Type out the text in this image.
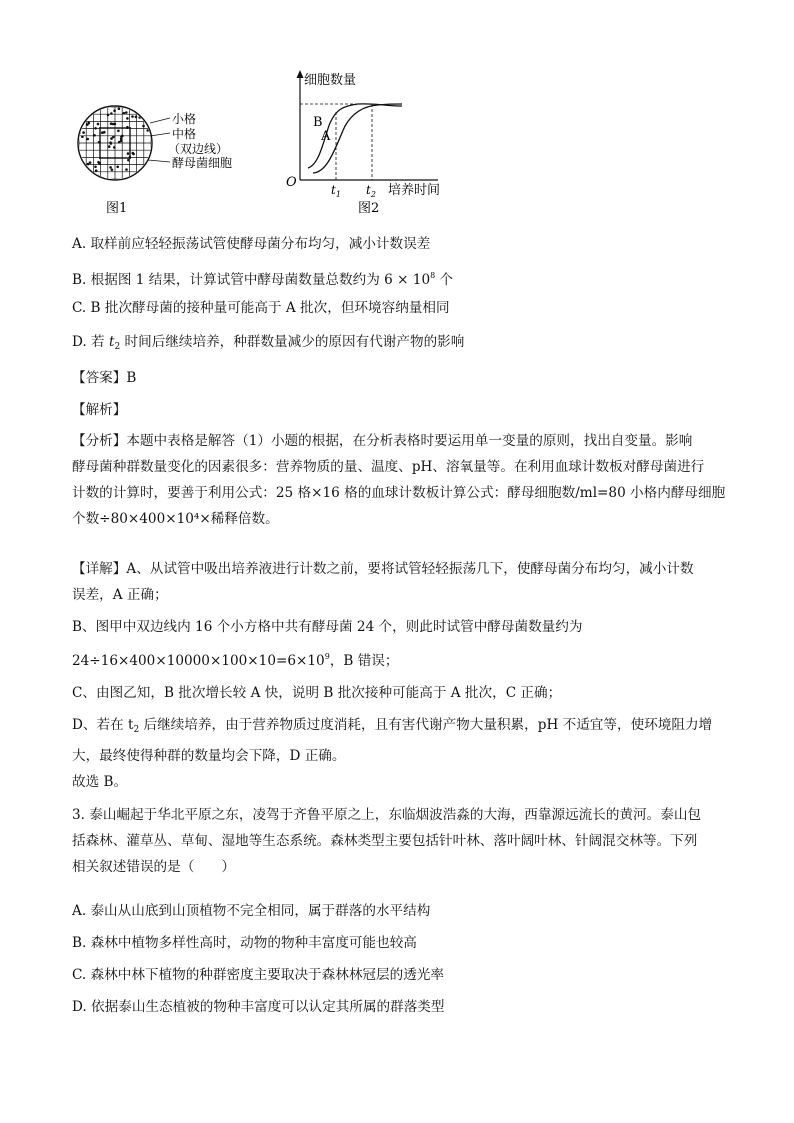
小格
中格
（双边线）
酵母菌细胞
图1
细胞数量
O
B
A
$t_1$ $t_2$ 培养时间
图2
A. 取样前应轻轻振荡试管使酵母菌分布均匀，减小计数误差
B. 根据图 1 结果，计算试管中酵母菌数量总数约为 $6 \times 10^8$ 个
C. B 批次酵母菌的接种量可能高于 A 批次，但环境容纳量相同
D. 若 $t_2$ 时间后继续培养，种群数量减少的原因有代谢产物的影响
【答案】B
【解析】
【分析】本题中表格是解答（1）小题的根据，在分析表格时要运用单一变量的原则，找出自变量。影响
酵母菌种群数量变化的因素很多：营养物质的量、温度、pH、溶氧量等。在利用血球计数板对酵母菌进行
计数的计算时，要善于利用公式：25 格×16 格的血球计数板计算公式：酵母细胞数/ml=80 小格内酵母细胞
个数÷80×400×10⁴×稀释倍数。
【详解】A、从试管中吸出培养液进行计数之前，要将试管轻轻振荡几下，使酵母菌分布均匀，减小计数
误差，A 正确；
B、图甲中双边线内 16 个小方格中共有酵母菌 24 个，则此时试管中酵母菌数量约为
$24\div 16\times 400\times 10000\times 100\times 10=6\times 10^9$，B 错误；
C、由图乙知，B 批次增长较 A 快，说明 B 批次接种可能高于 A 批次，C 正确；
D、若在 $t_2$ 后继续培养，由于营养物质过度消耗，且有害代谢产物大量积累，pH 不适宜等，使环境阻力增
大，最终使得种群的数量均会下降，D 正确。
故选 B。
3. 泰山崛起于华北平原之东，凌驾于齐鲁平原之上，东临烟波浩淼的大海，西靠源远流长的黄河。泰山包
括森林、灌草丛、草甸、湿地等生态系统。森林类型主要包括针叶林、落叶阔叶林、针阔混交林等。下列
相关叙述错误的是（　　）
A. 泰山从山底到山顶植物不完全相同，属于群落的水平结构
B. 森林中植物多样性高时，动物的物种丰富度可能也较高
C. 森林中林下植物的种群密度主要取决于森林林冠层的透光率
D. 依据泰山生态植被的物种丰富度可以认定其所属的群落类型
